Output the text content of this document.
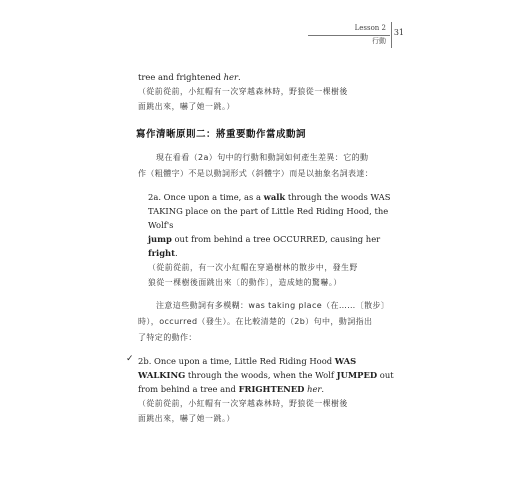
Lesson 2
行動
31
tree and frightened her.
（從前從前，小紅帽有一次穿越森林時，野狼從一棵樹後
面跳出來，嚇了她一跳。）
寫作清晰原則二：將重要動作當成動詞
現在看看（2a）句中的行動和動詞如何產生差異：它的動
作（粗體字）不是以動詞形式（斜體字）而是以抽象名詞表達：
2a. Once upon a time, as a walk through the woods WAS
TAKING place on the part of Little Red Riding Hood, the Wolf's
jump out from behind a tree OCCURRED, causing her fright.
（從前從前，有一次小紅帽在穿過樹林的散步中，發生野
狼從一棵樹後面跳出來〔的動作〕，造成她的驚嚇。）
注意這些動詞有多模糊：was taking place（在……〔散步〕
時），occurred（發生）。在比較清楚的（2b）句中，動詞指出
了特定的動作：
✓ 2b. Once upon a time, Little Red Riding Hood WAS
WALKING through the woods, when the Wolf JUMPED out
from behind a tree and FRIGHTENED her.
（從前從前，小紅帽有一次穿越森林時，野狼從一棵樹後
面跳出來，嚇了她一跳。）
